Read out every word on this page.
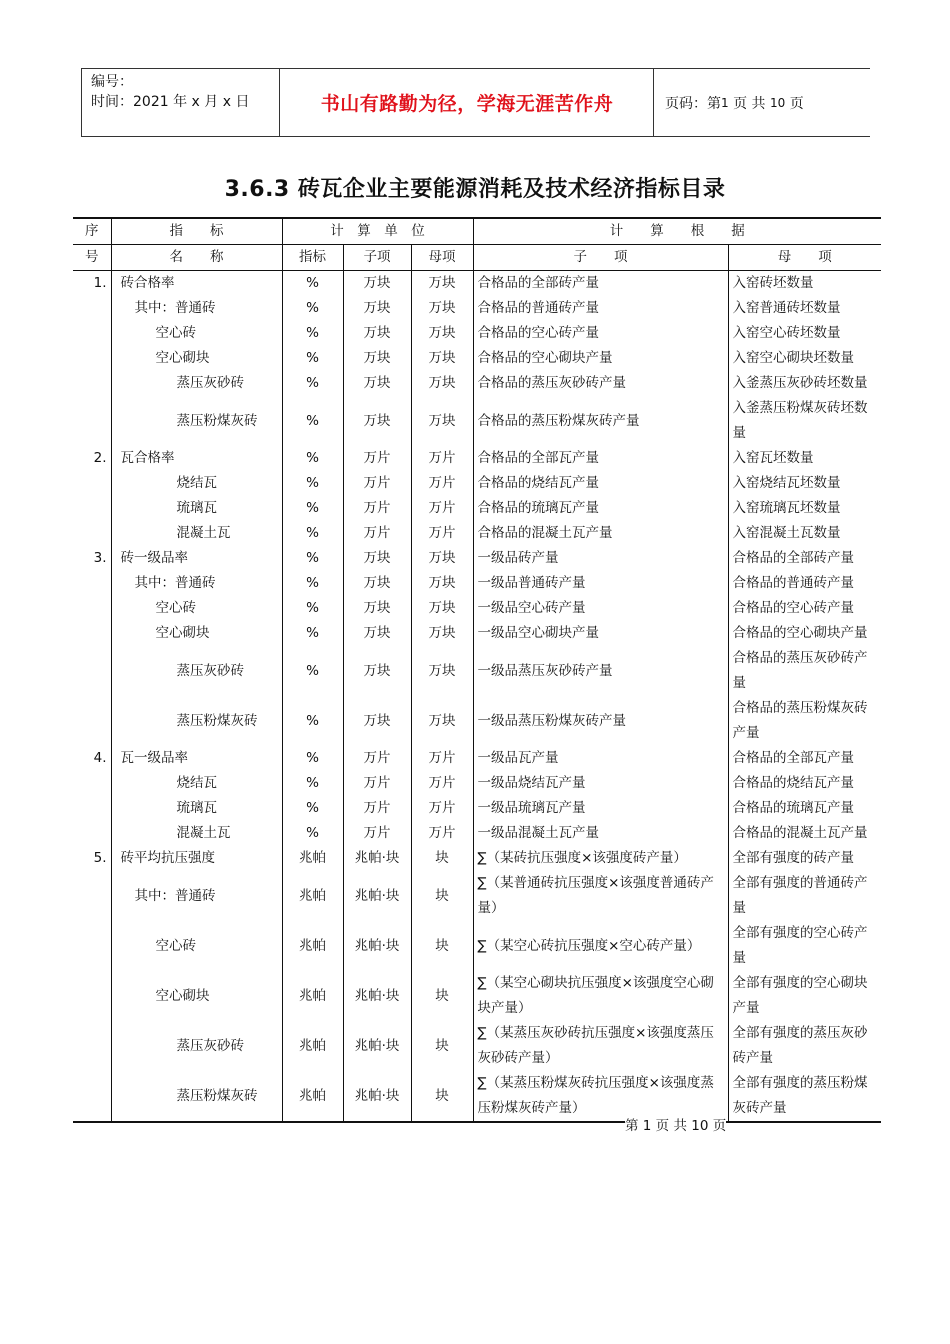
编号：
时间：2021 年 x 月 x 日	书山有路勤为径，学海无涯苦作舟	页码：第 1
页 共
10
页
3.6.3 砖瓦企业主要能源消耗及技术经济指标目录
序	指　　标	计　算　单　位			计　　算　　根　　据	
号	名　　称	指标	子项	母项	子　　项	母　　项
1.	砖合格率	%	万块	万块	合格品的全部砖产量	入窑砖坯数量
	其中：普通砖	%	万块	万块	合格品的普通砖产量	入窑普通砖坯数量
	空心砖	%	万块	万块	合格品的空心砖产量	入窑空心砖坯数量
	空心砌块	%	万块	万块	合格品的空心砌块产量	入窑空心砌块坯数量
	蒸压灰砂砖	%	万块	万块	合格品的蒸压灰砂砖产量	入釜蒸压灰砂砖坯数量
	蒸压粉煤灰砖	%	万块	万块	合格品的蒸压粉煤灰砖产量	入釜蒸压粉煤灰砖坯数量
2.	瓦合格率	%	万片	万片	合格品的全部瓦产量	入窑瓦坯数量
	烧结瓦	%	万片	万片	合格品的烧结瓦产量	入窑烧结瓦坯数量
	琉璃瓦	%	万片	万片	合格品的琉璃瓦产量	入窑琉璃瓦坯数量
	混凝土瓦	%	万片	万片	合格品的混凝土瓦产量	入窑混凝土瓦数量
3.	砖一级品率	%	万块	万块	一级品砖产量	合格品的全部砖产量
	其中：普通砖	%	万块	万块	一级品普通砖产量	合格品的普通砖产量
	空心砖	%	万块	万块	一级品空心砖产量	合格品的空心砖产量
	空心砌块	%	万块	万块	一级品空心砌块产量	合格品的空心砌块产量
	蒸压灰砂砖	%	万块	万块	一级品蒸压灰砂砖产量	合格品的蒸压灰砂砖产量
	蒸压粉煤灰砖	%	万块	万块	一级品蒸压粉煤灰砖产量	合格品的蒸压粉煤灰砖产量
4.	瓦一级品率	%	万片	万片	一级品瓦产量	合格品的全部瓦产量
	烧结瓦	%	万片	万片	一级品烧结瓦产量	合格品的烧结瓦产量
	琉璃瓦	%	万片	万片	一级品琉璃瓦产量	合格品的琉璃瓦产量
	混凝土瓦	%	万片	万片	一级品混凝土瓦产量	合格品的混凝土瓦产量
5.	砖平均抗压强度	兆帕	兆帕·块	块	∑（某砖抗压强度×该强度砖产量）	全部有强度的砖产量
	其中：普通砖	兆帕	兆帕·块	块	∑（某普通砖抗压强度×该强度普通砖产量）	全部有强度的普通砖产量
	空心砖	兆帕	兆帕·块	块	∑（某空心砖抗压强度×空心砖产量）	全部有强度的空心砖产量
	空心砌块	兆帕	兆帕·块	块	∑（某空心砌块抗压强度×该强度空心砌块产量）	全部有强度的空心砌块产量
	蒸压灰砂砖	兆帕	兆帕·块	块	∑（某蒸压灰砂砖抗压强度×该强度蒸压灰砂砖产量）	全部有强度的蒸压灰砂砖产量
	蒸压粉煤灰砖	兆帕	兆帕·块	块	∑（某蒸压粉煤灰砖抗压强度×该强度蒸压粉煤灰砖产量）	全部有强度的蒸压粉煤灰砖产量
第 1 页 共 10 页
